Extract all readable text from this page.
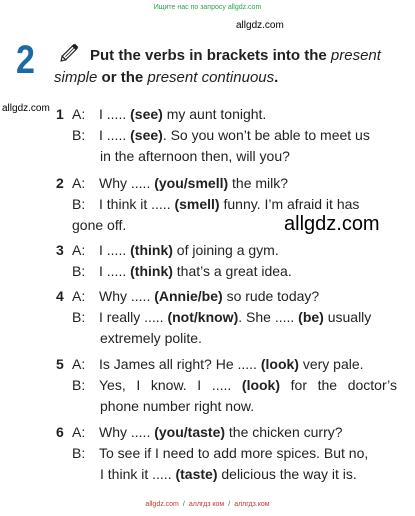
Ищите нас по запросу allgdz.com
allgdz.com
allgdz.com
allgdz.com
2	Put the verbs in brackets into the present
simple or the present continuous.
1 A: I ..... (see) my aunt tonight.
B: I ..... (see). So you won’t be able to meet us
in the afternoon then, will you?
2 A: Why ..... (you/smell) the milk?
B: I think it ..... (smell) funny. I’m afraid it has
gone off.
3 A: I ..... (think) of joining a gym.
B: I ..... (think) that’s a great idea.
4 A: Why ..... (Annie/be) so rude today?
B: I really ..... (not/know). She ..... (be) usually
extremely polite.
5 A: Is James all right? He ..... (look) very pale.
B: Yes, I know. I ..... (look) for the doctor’s
phone number right now.
6 A: Why ..... (you/taste) the chicken curry?
B: To see if I need to add more spices. But no,
I think it ..... (taste) delicious the way it is.
allgdz.com / аллгдз ком / аллгдз.ком
